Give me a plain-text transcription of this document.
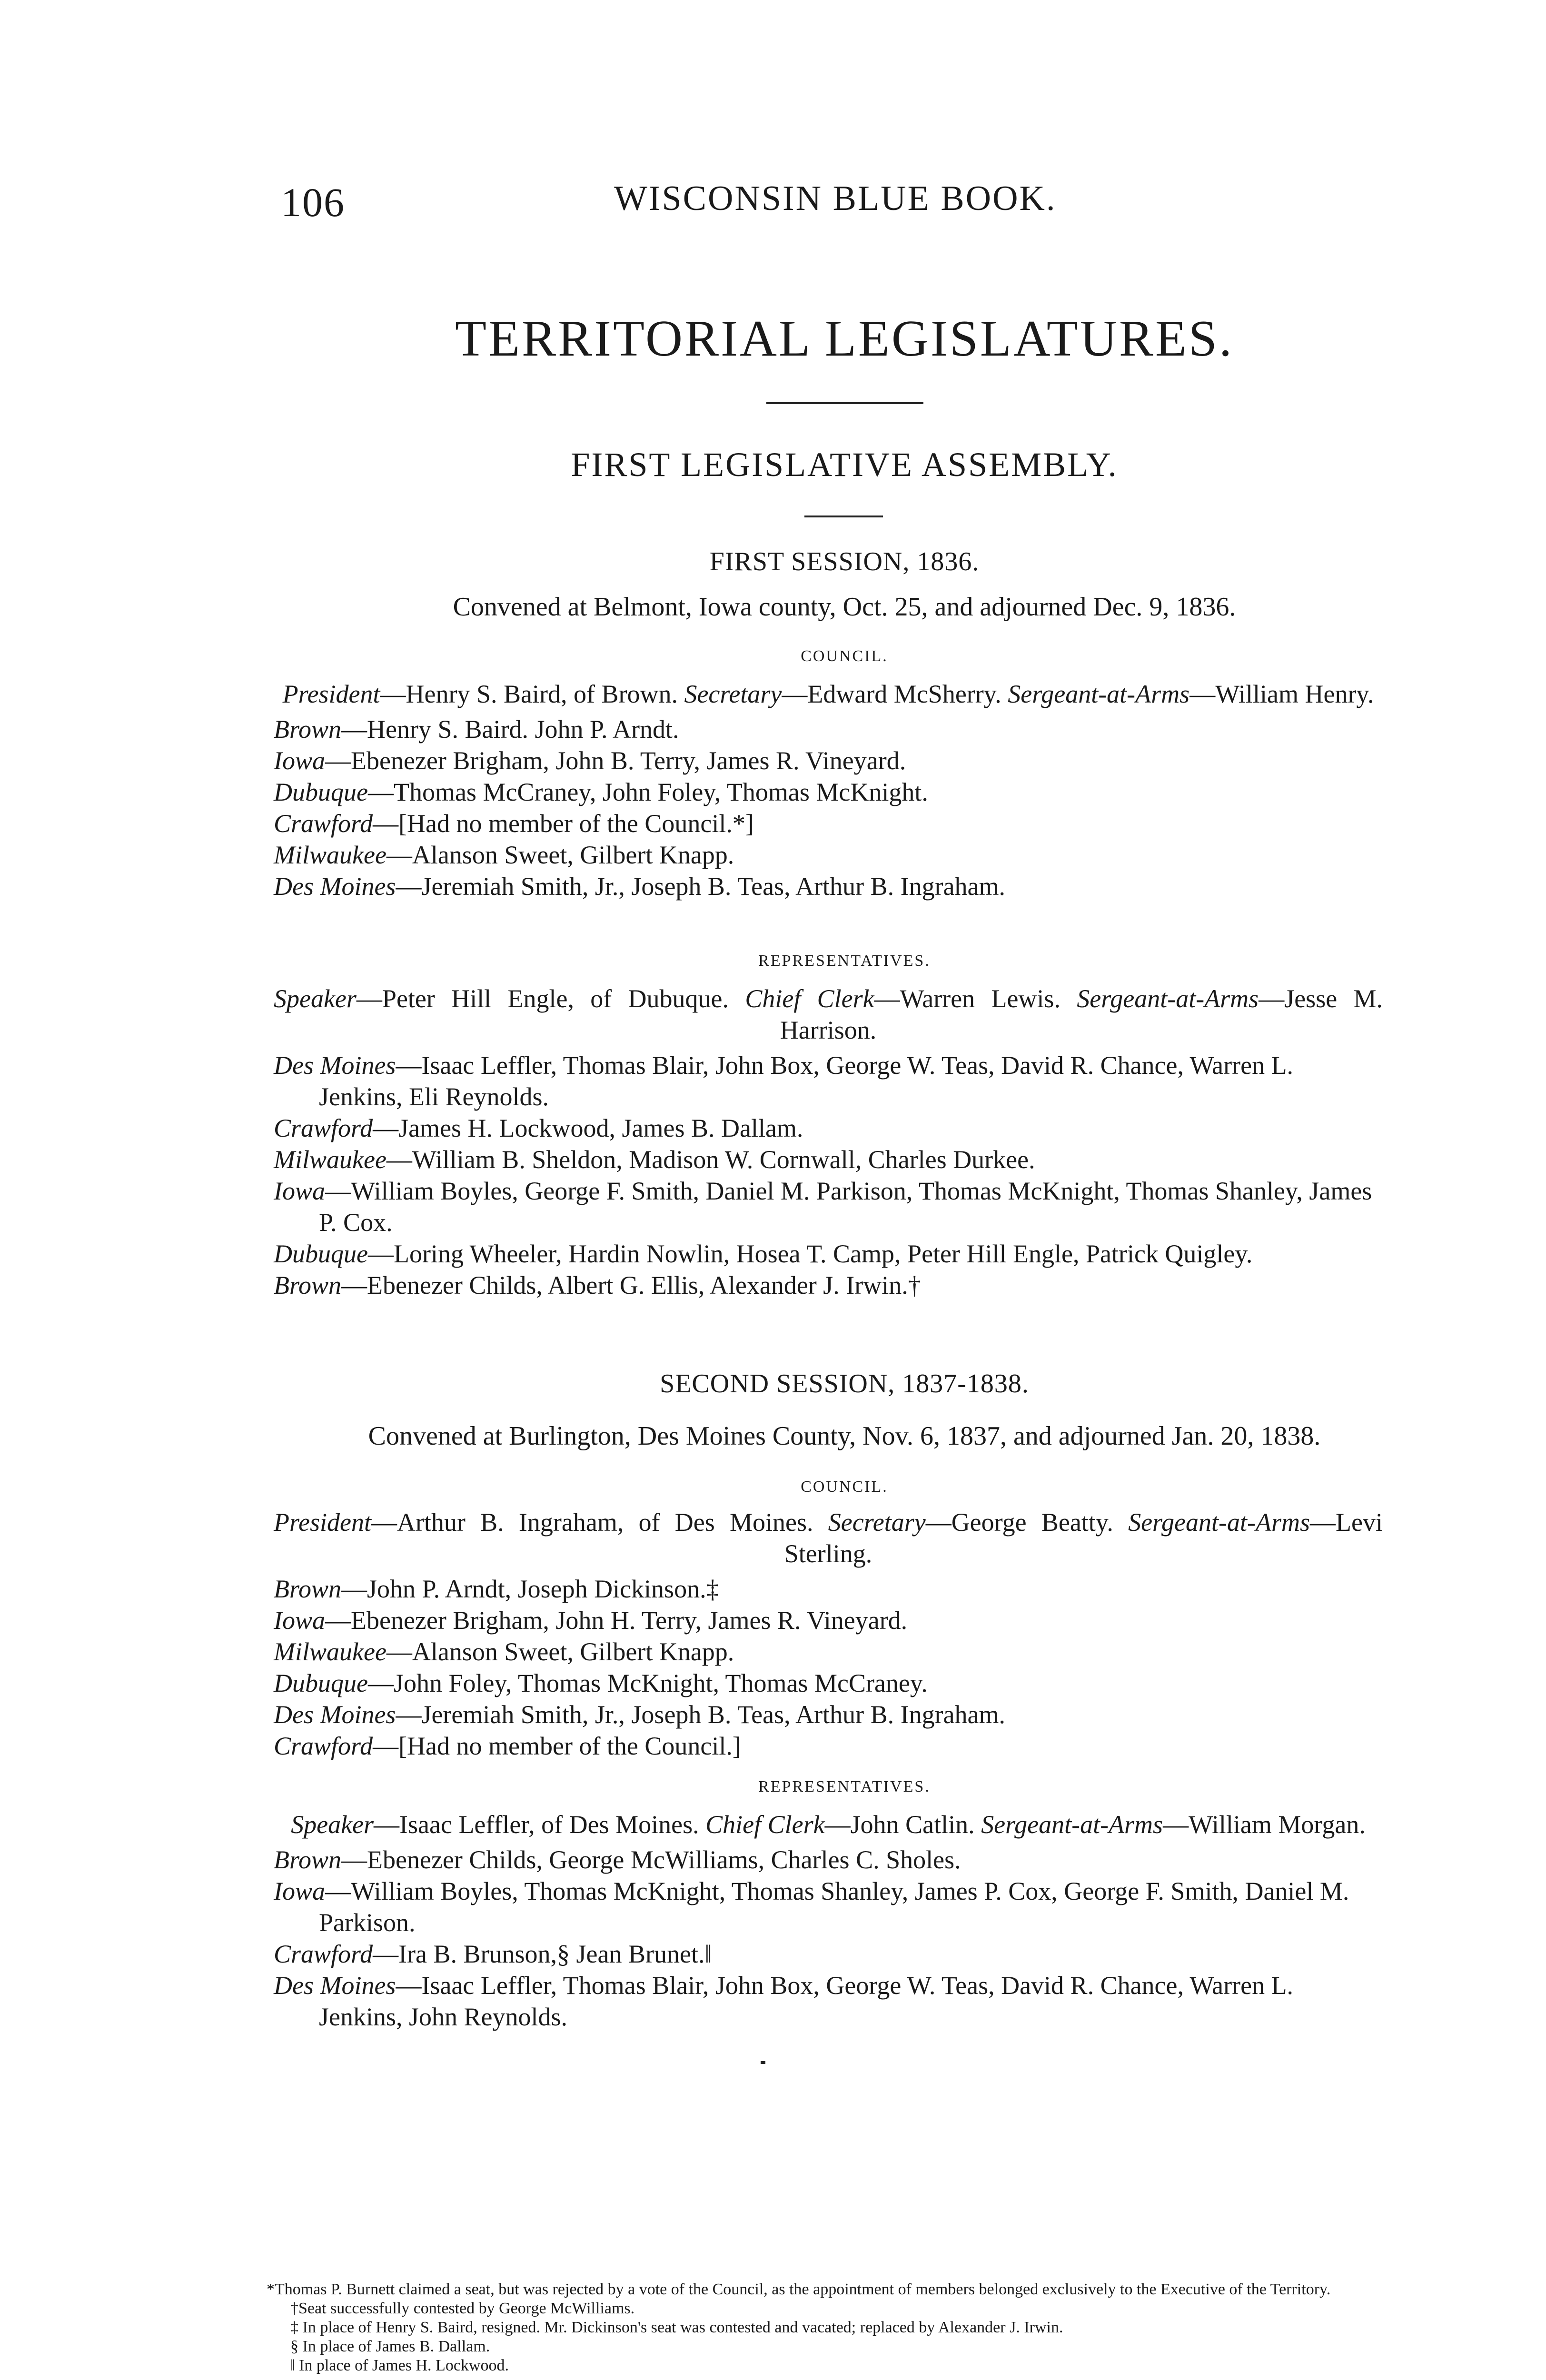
106	WISCONSIN BLUE BOOK.
TERRITORIAL LEGISLATURES.
FIRST LEGISLATIVE ASSEMBLY.
FIRST SESSION, 1836.
Convened at Belmont, Iowa county, Oct. 25, and adjourned Dec. 9, 1836.
COUNCIL.
President—Henry S. Baird, of Brown. Secretary—Edward McSherry. Sergeant-at-Arms—William Henry.
Brown—Henry S. Baird. John P. Arndt.
Iowa—Ebenezer Brigham, John B. Terry, James R. Vineyard.
Dubuque—Thomas McCraney, John Foley, Thomas McKnight.
Crawford—[Had no member of the Council.*]
Milwaukee—Alanson Sweet, Gilbert Knapp.
Des Moines—Jeremiah Smith, Jr., Joseph B. Teas, Arthur B. Ingraham.
REPRESENTATIVES.
Speaker—Peter Hill Engle, of Dubuque. Chief Clerk—Warren Lewis. Sergeant-at-Arms—Jesse M. Harrison.
Des Moines—Isaac Leffler, Thomas Blair, John Box, George W. Teas, David R. Chance, Warren L. Jenkins, Eli Reynolds.
Crawford—James H. Lockwood, James B. Dallam.
Milwaukee—William B. Sheldon, Madison W. Cornwall, Charles Durkee.
Iowa—William Boyles, George F. Smith, Daniel M. Parkison, Thomas McKnight, Thomas Shanley, James P. Cox.
Dubuque—Loring Wheeler, Hardin Nowlin, Hosea T. Camp, Peter Hill Engle, Patrick Quigley.
Brown—Ebenezer Childs, Albert G. Ellis, Alexander J. Irwin.†
SECOND SESSION, 1837-1838.
Convened at Burlington, Des Moines County, Nov. 6, 1837, and adjourned Jan. 20, 1838.
COUNCIL.
President—Arthur B. Ingraham, of Des Moines. Secretary—George Beatty. Sergeant-at-Arms—Levi Sterling.
Brown—John P. Arndt, Joseph Dickinson.‡
Iowa—Ebenezer Brigham, John H. Terry, James R. Vineyard.
Milwaukee—Alanson Sweet, Gilbert Knapp.
Dubuque—John Foley, Thomas McKnight, Thomas McCraney.
Des Moines—Jeremiah Smith, Jr., Joseph B. Teas, Arthur B. Ingraham.
Crawford—[Had no member of the Council.]
REPRESENTATIVES.
Speaker—Isaac Leffler, of Des Moines. Chief Clerk—John Catlin. Sergeant-at-Arms—William Morgan.
Brown—Ebenezer Childs, George McWilliams, Charles C. Sholes.
Iowa—William Boyles, Thomas McKnight, Thomas Shanley, James P. Cox, George F. Smith, Daniel M. Parkison.
Crawford—Ira B. Brunson,§ Jean Brunet.‖
Des Moines—Isaac Leffler, Thomas Blair, John Box, George W. Teas, David R. Chance, Warren L. Jenkins, John Reynolds.

*Thomas P. Burnett claimed a seat, but was rejected by a vote of the Council, as the appointment of members belonged exclusively to the Executive of the Territory.

†Seat successfully contested by George McWilliams.

‡ In place of Henry S. Baird, resigned. Mr. Dickinson's seat was contested and vacated; replaced by Alexander J. Irwin.

§ In place of James B. Dallam.

‖ In place of James H. Lockwood.
